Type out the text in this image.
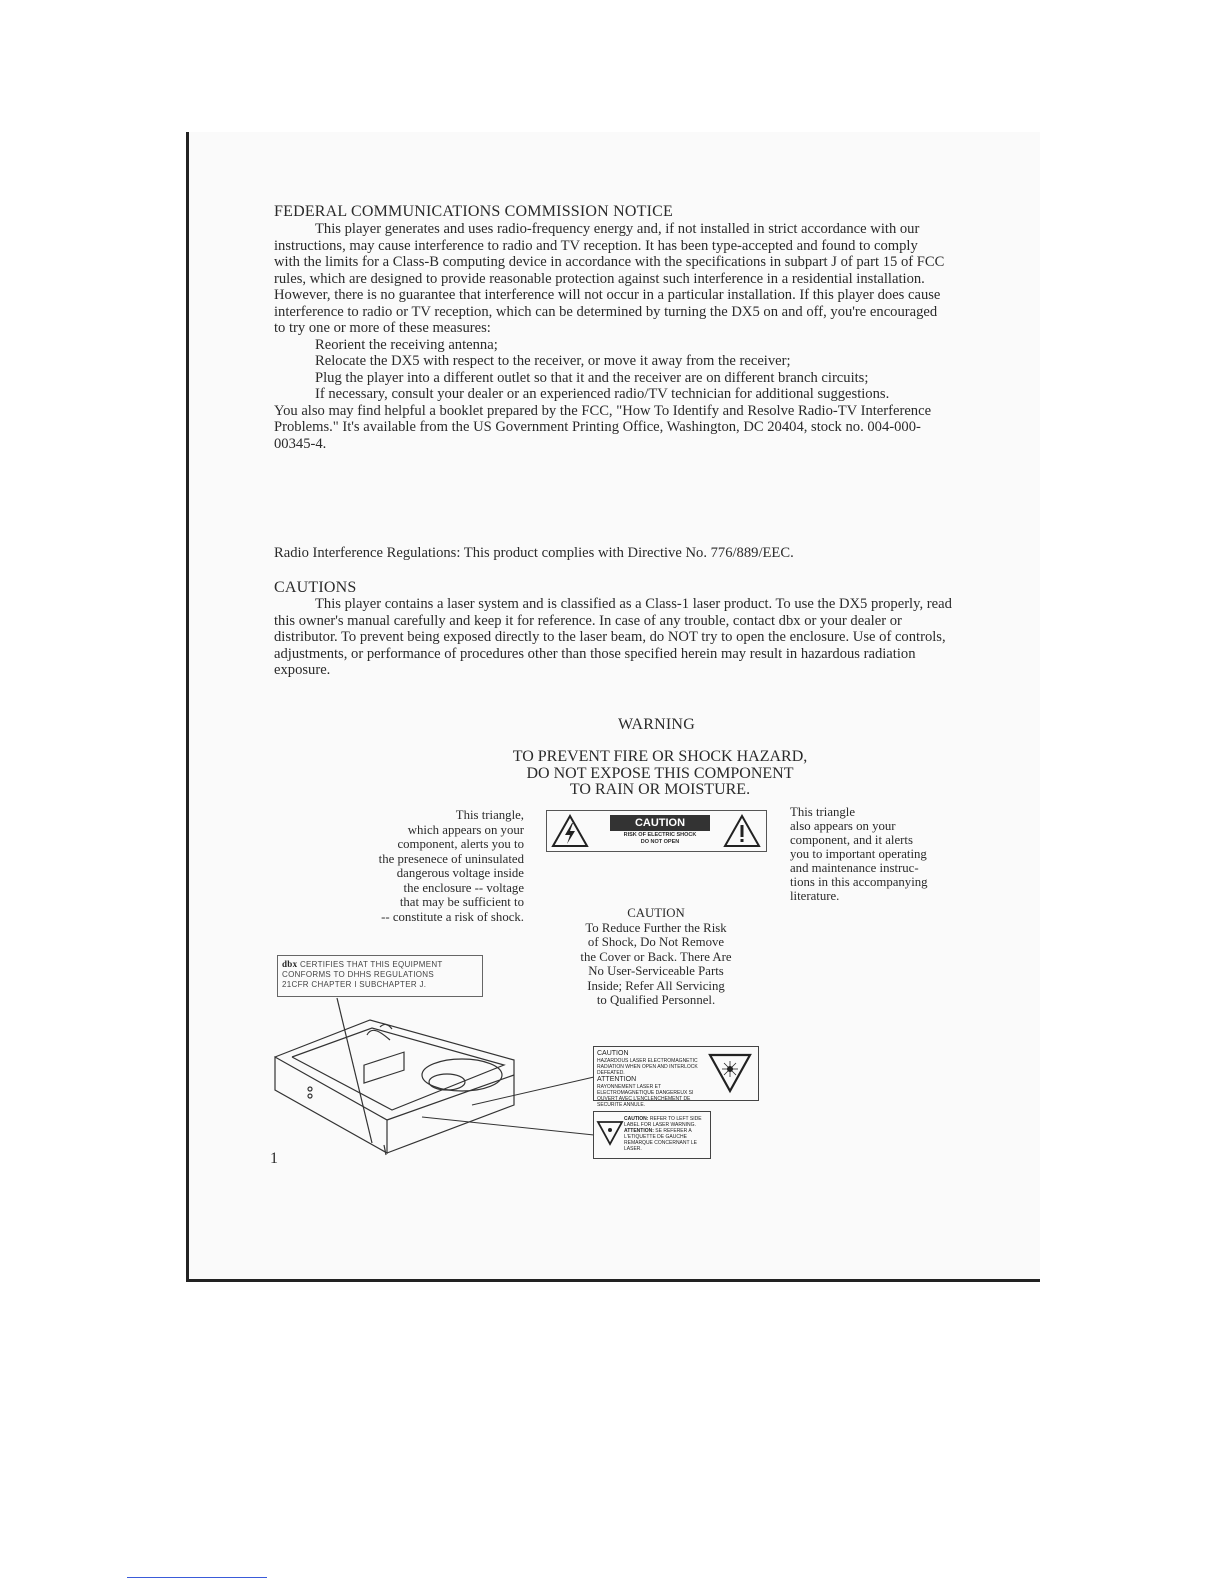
FEDERAL COMMUNICATIONS COMMISSION NOTICE

This player generates and uses radio-frequency energy and, if not installed in strict accordance with our instructions, may cause interference to radio and TV reception. It has been type-accepted and found to comply with the limits for a Class-B computing device in accordance with the specifications in subpart J of part 15 of FCC rules, which are designed to provide reasonable protection against such interference in a residential installation. However, there is no guarantee that interference will not occur in a particular installation. If this player does cause interference to radio or TV reception, which can be determined by turning the DX5 on and off, you're encouraged to try one or more of these measures:

Reorient the receiving antenna;

Relocate the DX5 with respect to the receiver, or move it away from the receiver;

Plug the player into a different outlet so that it and the receiver are on different branch circuits;

If necessary, consult your dealer or an experienced radio/TV technician for additional suggestions.

You also may find helpful a booklet prepared by the FCC, "How To Identify and Resolve Radio-TV Interference Problems." It's available from the US Government Printing Office, Washington, DC 20404, stock no. 004-000-00345-4.

Radio Interference Regulations: This product complies with Directive No. 776/889/EEC.
CAUTIONS

This player contains a laser system and is classified as a Class-1 laser product. To use the DX5 properly, read this owner's manual carefully and keep it for reference. In case of any trouble, contact dbx or your dealer or distributor. To prevent being exposed directly to the laser beam, do NOT try to open the enclosure. Use of controls, adjustments, or performance of procedures other than those specified herein may result in hazardous radiation exposure.

WARNING
TO PREVENT FIRE OR SHOCK HAZARD,
DO NOT EXPOSE THIS COMPONENT
TO RAIN OR MOISTURE.
This triangle,
which appears on your
component, alerts you to
the presenece of uninsulated
dangerous voltage inside
the enclosure -- voltage
that may be sufficient to
-- constitute a risk of shock.
CAUTION
RISK OF ELECTRIC SHOCK
DO NOT OPEN
This triangle
also appears on your
component, and it alerts
you to important operating
and maintenance instruc-
tions in this accompanying
literature.
CAUTION
To Reduce Further the Risk
of Shock, Do Not Remove
the Cover or Back. There Are
No User-Serviceable Parts
Inside; Refer All Servicing
to Qualified Personnel.
dbx CERTIFIES THAT THIS EQUIPMENT
CONFORMS TO DHHS REGULATIONS
21CFR CHAPTER I SUBCHAPTER J.
CAUTION
HAZARDOUS LASER ELECTROMAGNETIC RADIATION WHEN OPEN AND INTERLOCK DEFEATED.
ATTENTION
RAYONNEMENT LASER ET ELECTROMAGNETIQUE DANGEREUX SI OUVERT AVEC L'ENCLENCHEMENT DE SECURITE ANNULE.
CAUTION: REFER TO LEFT SIDE LABEL FOR LASER WARNING.
ATTENTION: SE REFERER A L'ETIQUETTE DE GAUCHE REMARQUE CONCERNANT LE LASER.
1
